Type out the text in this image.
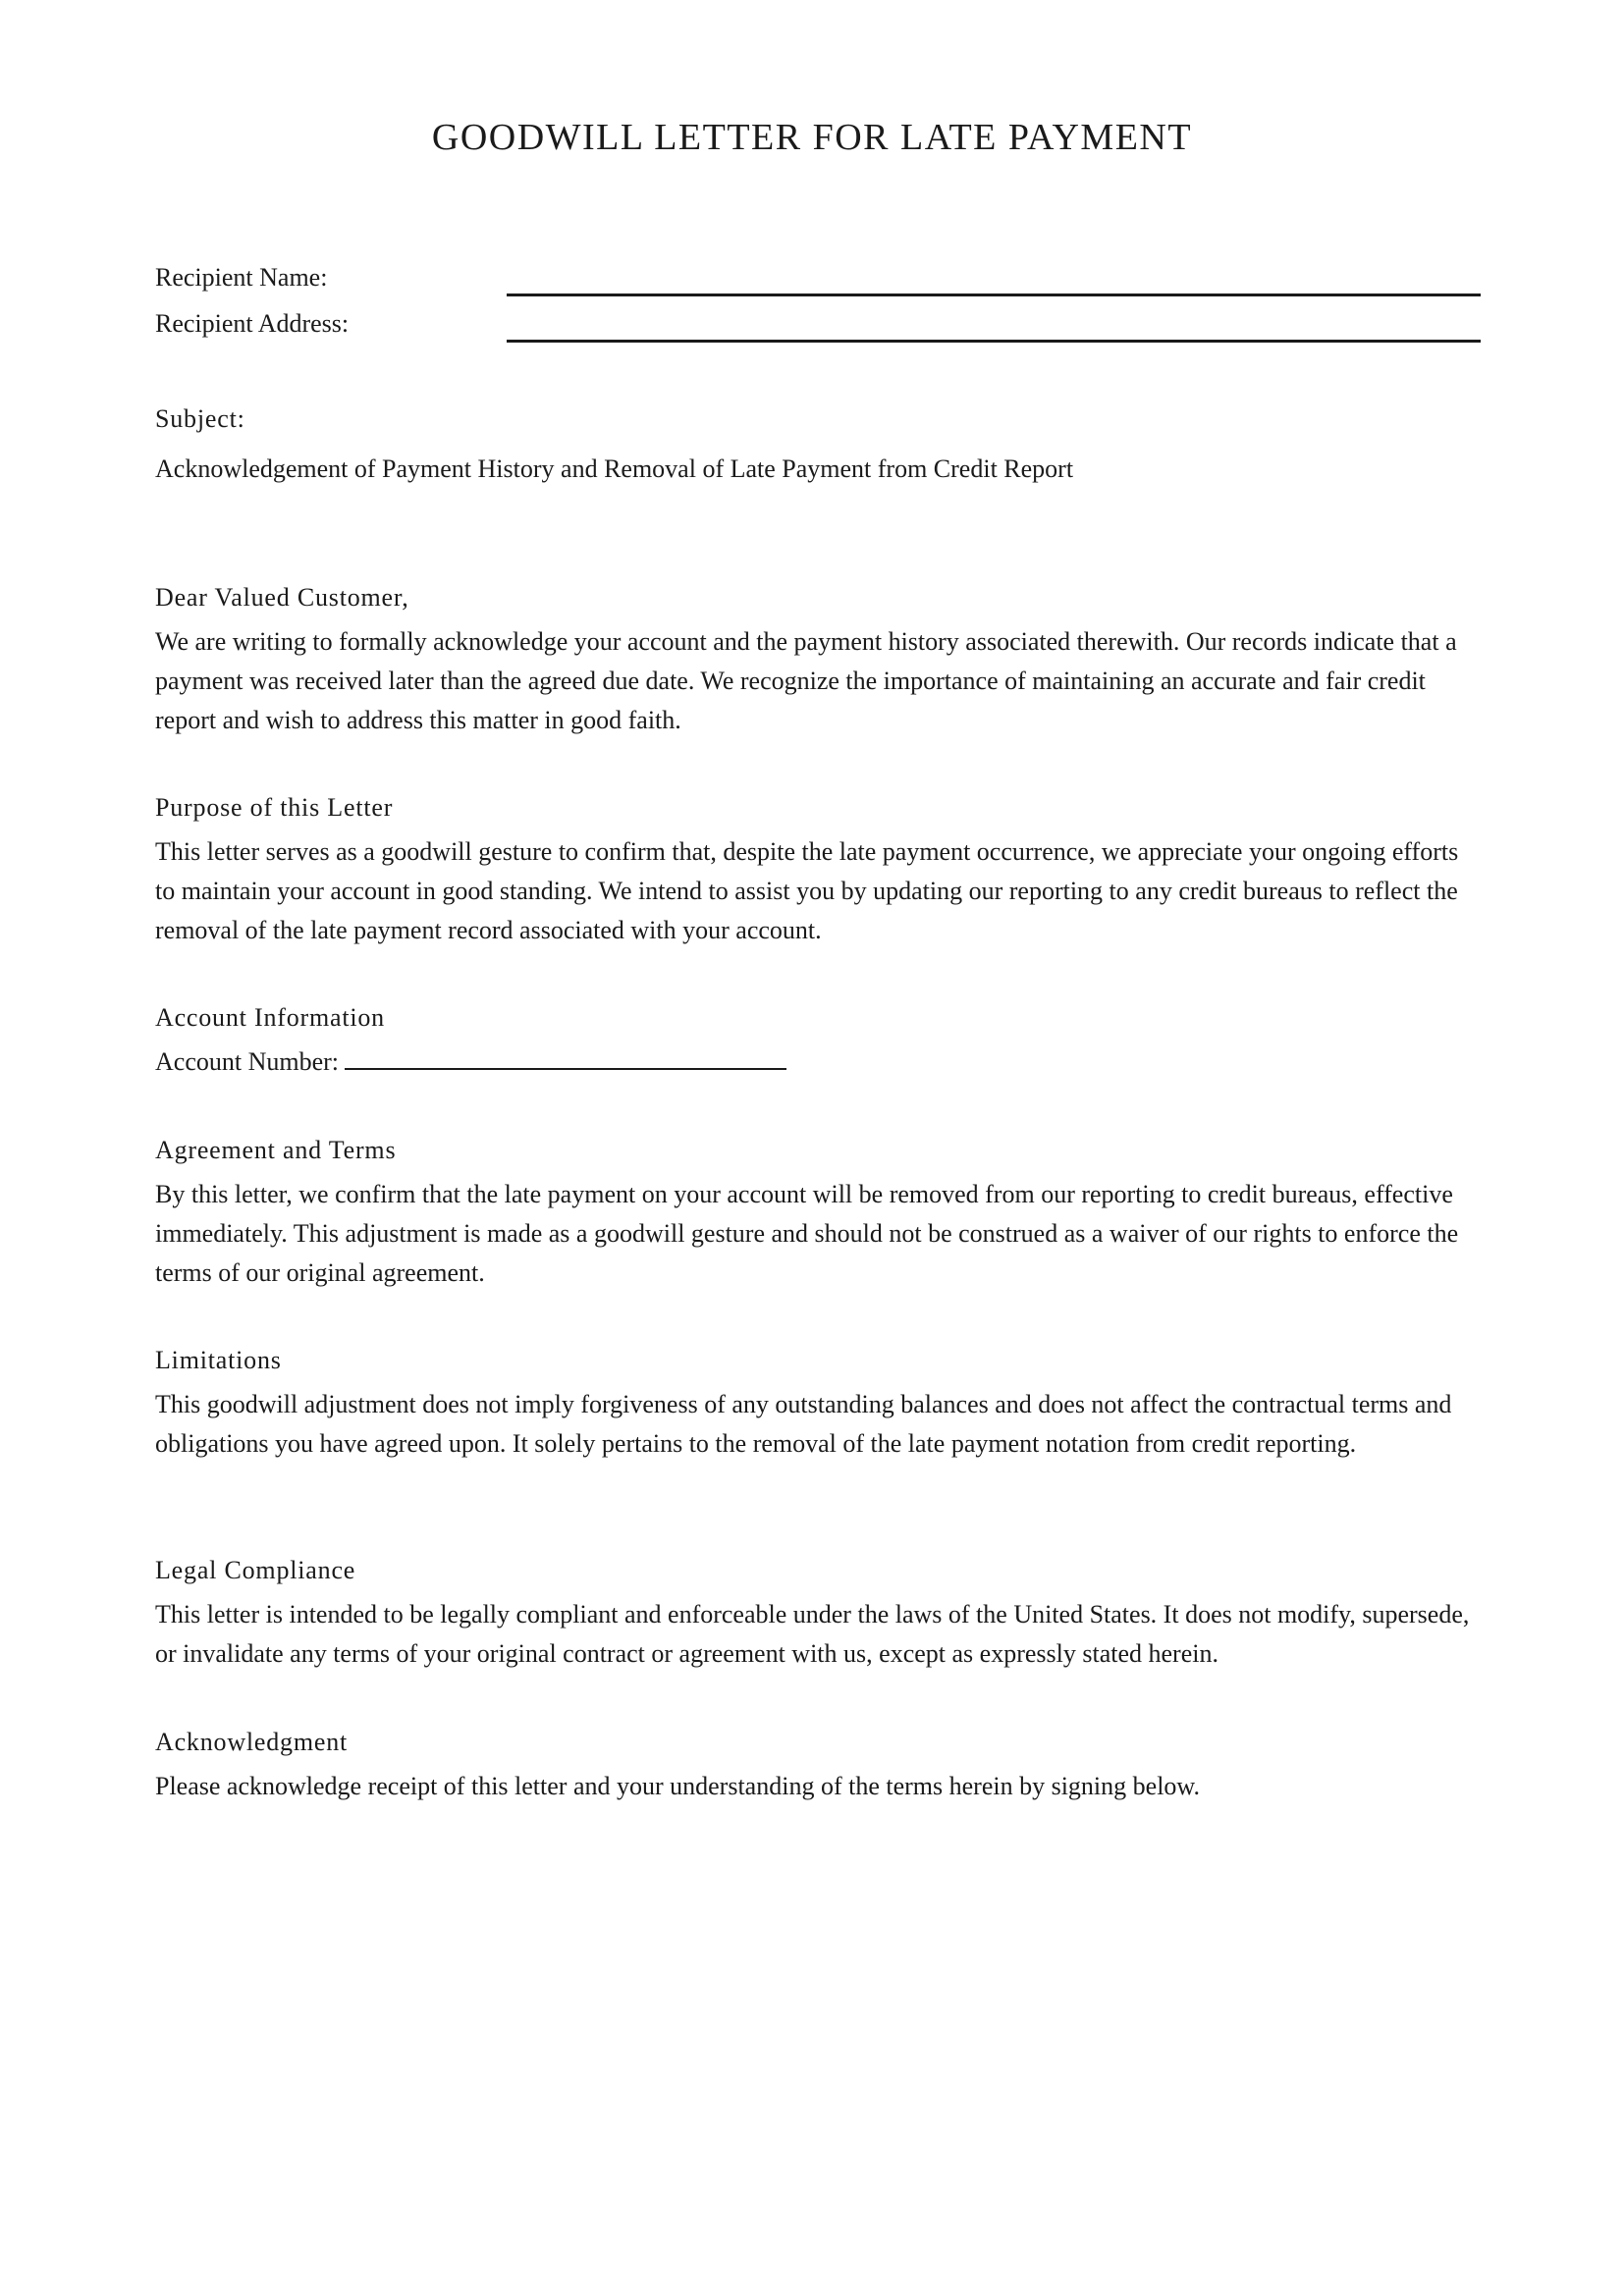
GOODWILL LETTER FOR LATE PAYMENT
Recipient Name:
Recipient Address:

Subject:

Acknowledgement of Payment History and Removal of Late Payment from Credit Report

Dear Valued Customer,

We are writing to formally acknowledge your account and the payment history associated therewith. Our records indicate that a payment was received later than the agreed due date. We recognize the importance of maintaining an accurate and fair credit report and wish to address this matter in good faith.

Purpose of this Letter

This letter serves as a goodwill gesture to confirm that, despite the late payment occurrence, we appreciate your ongoing efforts to maintain your account in good standing. We intend to assist you by updating our reporting to any credit bureaus to reflect the removal of the late payment record associated with your account.

Account Information

Account Number:

Agreement and Terms

By this letter, we confirm that the late payment on your account will be removed from our reporting to credit bureaus, effective immediately. This adjustment is made as a goodwill gesture and should not be construed as a waiver of our rights to enforce the terms of our original agreement.

Limitations

This goodwill adjustment does not imply forgiveness of any outstanding balances and does not affect the contractual terms and obligations you have agreed upon. It solely pertains to the removal of the late payment notation from credit reporting.

Legal Compliance

This letter is intended to be legally compliant and enforceable under the laws of the United States. It does not modify, supersede, or invalidate any terms of your original contract or agreement with us, except as expressly stated herein.

Acknowledgment

Please acknowledge receipt of this letter and your understanding of the terms herein by signing below.
